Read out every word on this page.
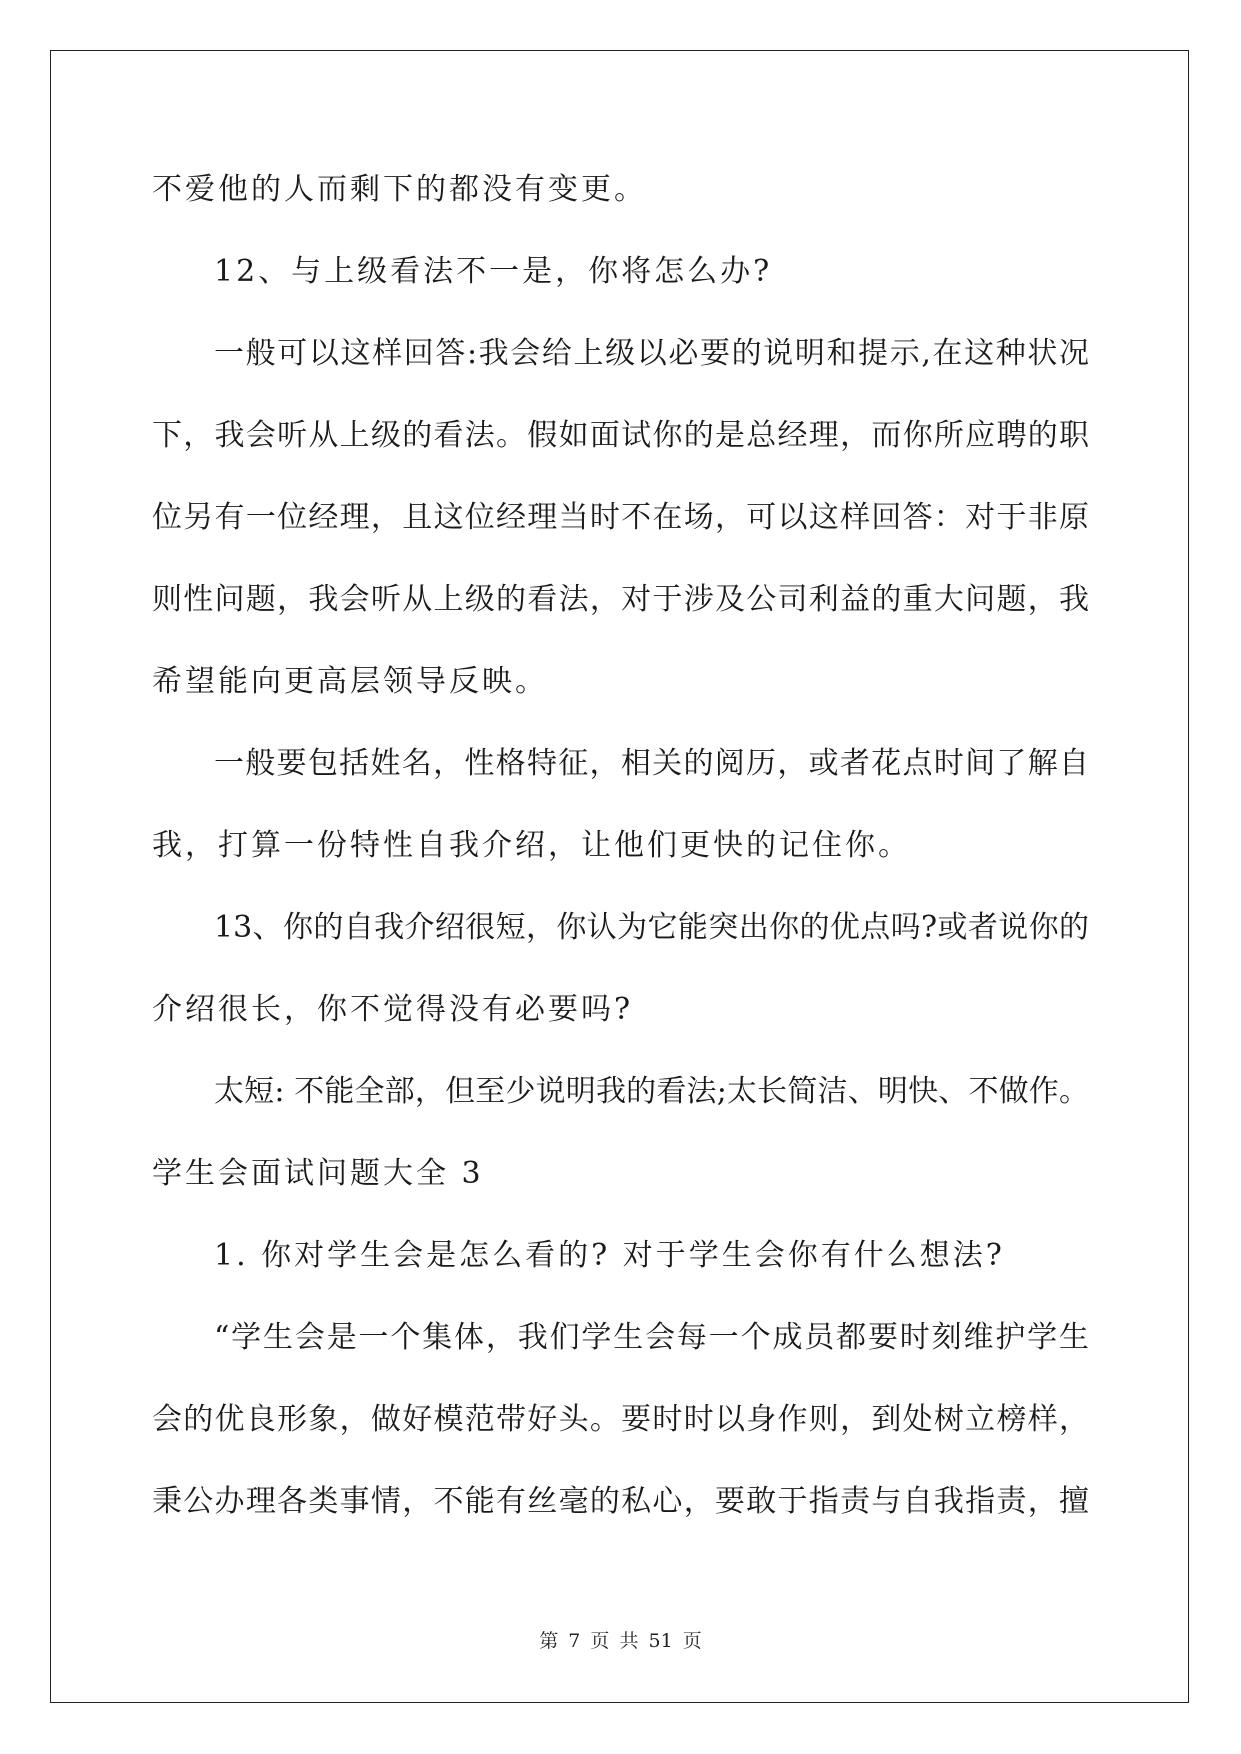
不爱他的人而剩下的都没有变更。
12、与上级看法不一是，你将怎么办?
一般可以这样回答:我会给上级以必要的说明和提示,在这种状况
下，我会听从上级的看法。假如面试你的是总经理，而你所应聘的职
位另有一位经理，且这位经理当时不在场，可以这样回答：对于非原
则性问题，我会听从上级的看法，对于涉及公司利益的重大问题，我
希望能向更高层领导反映。
一般要包括姓名，性格特征，相关的阅历，或者花点时间了解自
我，打算一份特性自我介绍，让他们更快的记住你。
13、你的自我介绍很短，你认为它能突出你的优点吗?或者说你的
介绍很长，你不觉得没有必要吗?
太短: 不能全部，但至少说明我的看法;太长简洁、明快、不做作。
学生会面试问题大全 3
1. 你对学生会是怎么看的? 对于学生会你有什么想法?
“学生会是一个集体，我们学生会每一个成员都要时刻维护学生
会的优良形象，做好模范带好头。要时时以身作则，到处树立榜样，
秉公办理各类事情，不能有丝毫的私心，要敢于指责与自我指责，擅
第 7 页 共 51 页
